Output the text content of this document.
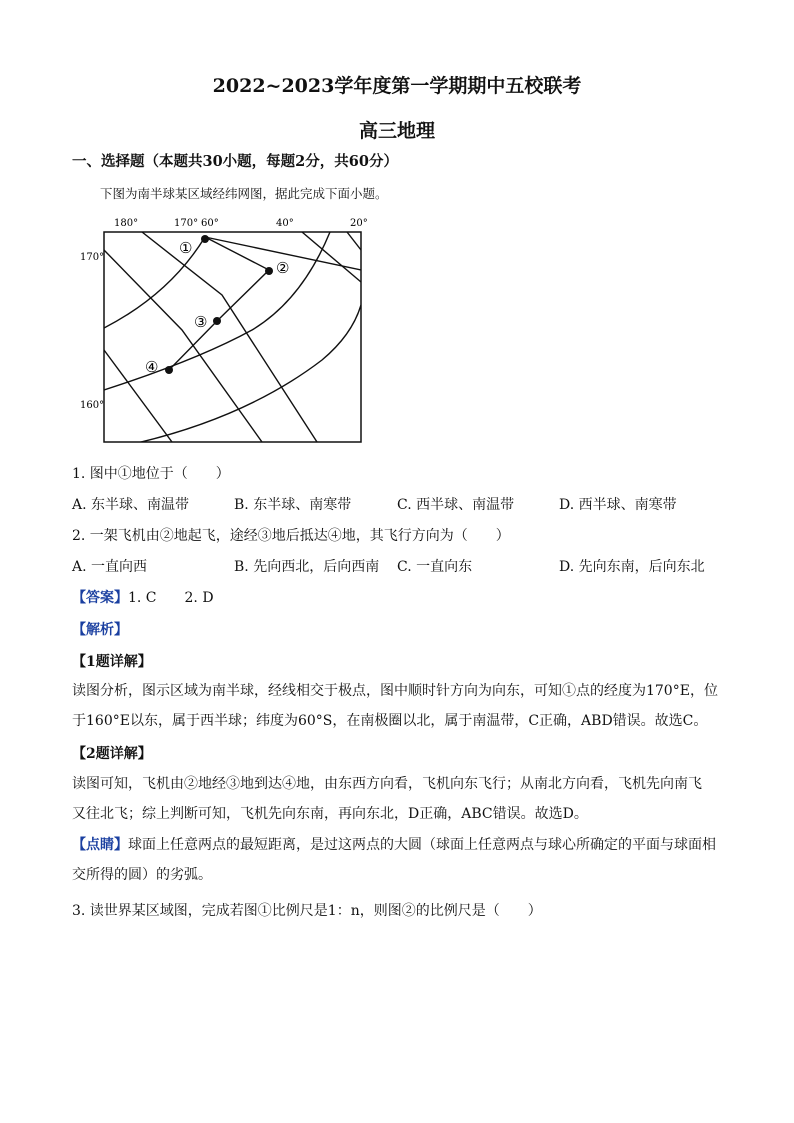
2022~2023学年度第一学期期中五校联考
高三地理
一、选择题（本题共30小题，每题2分，共60分）
下图为南半球某区域经纬网图，据此完成下面小题。
①
②
③
④
180°	170° 60°	40°	20°
170°
160°
1. 图中①地位于（　　）
A. 东半球、南温带	B. 东半球、南寒带	C. 西半球、南温带	D. 西半球、南寒带
2. 一架飞机由②地起飞，途经③地后抵达④地，其飞行方向为（　　）
A. 一直向西	B. 先向西北，后向西南 C. 一直向东	D. 先向东南，后向东北
【答案】1. C　　2. D
【解析】
【1题详解】
读图分析，图示区域为南半球，经线相交于极点，图中顺时针方向为向东，可知①点的经度为170°E，位
于160°E以东，属于西半球；纬度为60°S，在南极圈以北，属于南温带，C正确，ABD错误。故选C。
【2题详解】
读图可知，飞机由②地经③地到达④地，由东西方向看，飞机向东飞行；从南北方向看，飞机先向南飞
又往北飞；综上判断可知，飞机先向东南，再向东北，D正确，ABC错误。故选D。
【点睛】球面上任意两点的最短距离，是过这两点的大圆（球面上任意两点与球心所确定的平面与球面相
交所得的圆）的劣弧。
3. 读世界某区域图，完成若图①比例尺是1：n，则图②的比例尺是（　　）
